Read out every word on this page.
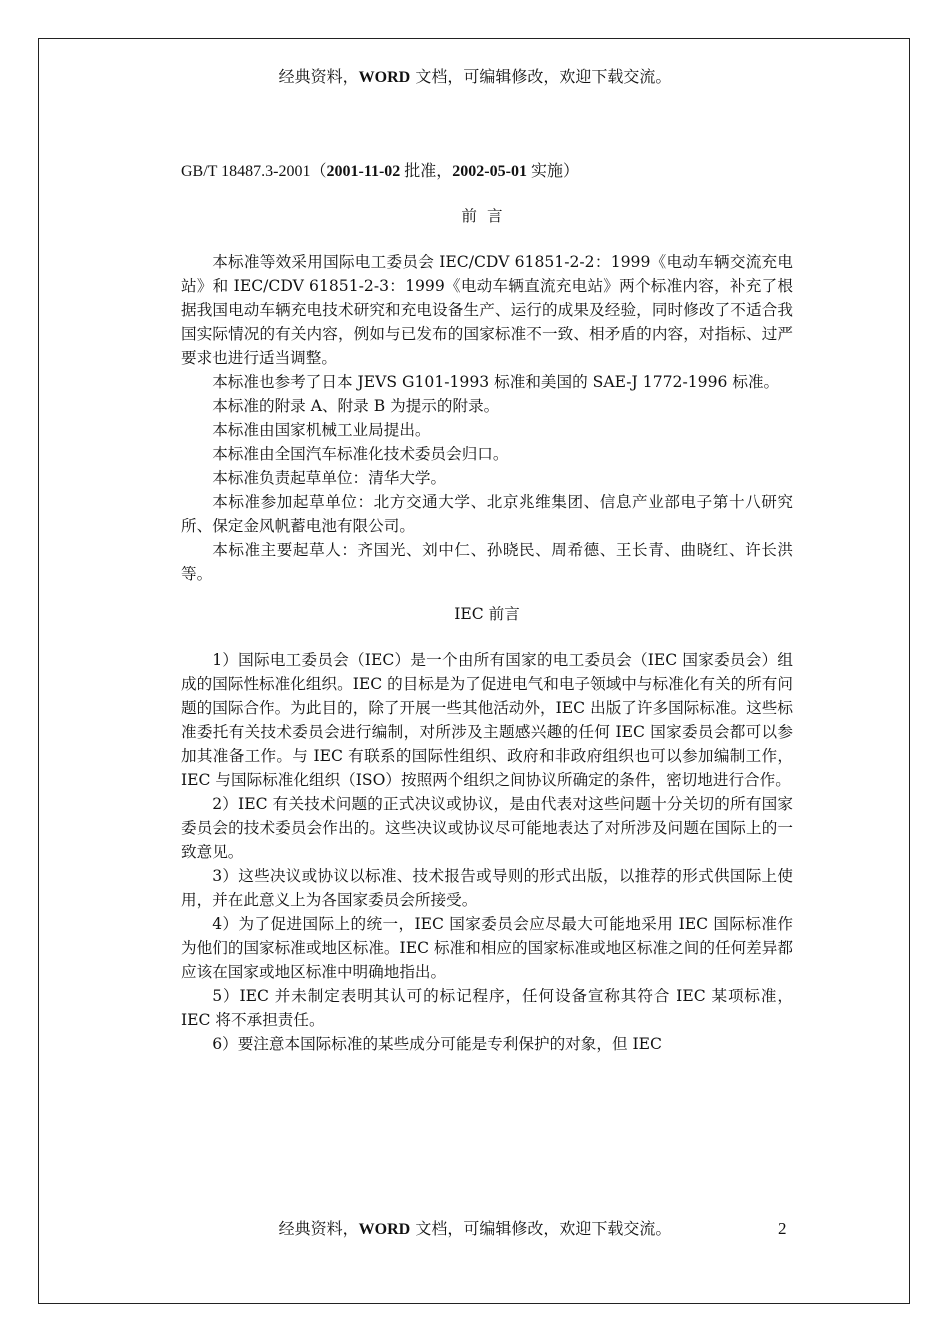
经典资料，WORD 文档，可编辑修改，欢迎下载交流。

GB/T 18487.3-2001（2001-11-02 批准，2002-05-01 实施）

前言

本标准等效采用国际电工委员会 IEC/CDV 61851-2-2：1999《电动车辆交流充电站》和 IEC/CDV 61851-2-3：1999《电动车辆直流充电站》两个标准内容，补充了根据我国电动车辆充电技术研究和充电设备生产、运行的成果及经验，同时修改了不适合我国实际情况的有关内容，例如与已发布的国家标准不一致、相矛盾的内容，对指标、过严要求也进行适当调整。

本标准也参考了日本 JEVS G101-1993 标准和美国的 SAE-J 1772-1996 标准。

本标准的附录 A、附录 B 为提示的附录。

本标准由国家机械工业局提出。

本标准由全国汽车标准化技术委员会归口。

本标准负责起草单位：清华大学。

本标准参加起草单位：北方交通大学、北京兆维集团、信息产业部电子第十八研究所、保定金风帆蓄电池有限公司。

本标准主要起草人：齐国光、刘中仁、孙晓民、周希德、王长青、曲晓红、许长洪等。

IEC 前言

1）国际电工委员会（IEC）是一个由所有国家的电工委员会（IEC 国家委员会）组成的国际性标准化组织。IEC 的目标是为了促进电气和电子领域中与标准化有关的所有问题的国际合作。为此目的，除了开展一些其他活动外，IEC 出版了许多国际标准。这些标准委托有关技术委员会进行编制，对所涉及主题感兴趣的任何 IEC 国家委员会都可以参加其准备工作。与 IEC 有联系的国际性组织、政府和非政府组织也可以参加编制工作，IEC 与国际标准化组织（ISO）按照两个组织之间协议所确定的条件，密切地进行合作。

2）IEC 有关技术问题的正式决议或协议，是由代表对这些问题十分关切的所有国家委员会的技术委员会作出的。这些决议或协议尽可能地表达了对所涉及问题在国际上的一致意见。

3）这些决议或协议以标准、技术报告或导则的形式出版，以推荐的形式供国际上使用，并在此意义上为各国家委员会所接受。

4）为了促进国际上的统一，IEC 国家委员会应尽最大可能地采用 IEC 国际标准作为他们的国家标准或地区标准。IEC 标准和相应的国家标准或地区标准之间的任何差异都应该在国家或地区标准中明确地指出。

5）IEC 并未制定表明其认可的标记程序，任何设备宣称其符合 IEC 某项标准，IEC 将不承担责任。

6）要注意本国际标准的某些成分可能是专利保护的对象，但 IEC

经典资料，WORD 文档，可编辑修改，欢迎下载交流。	2
